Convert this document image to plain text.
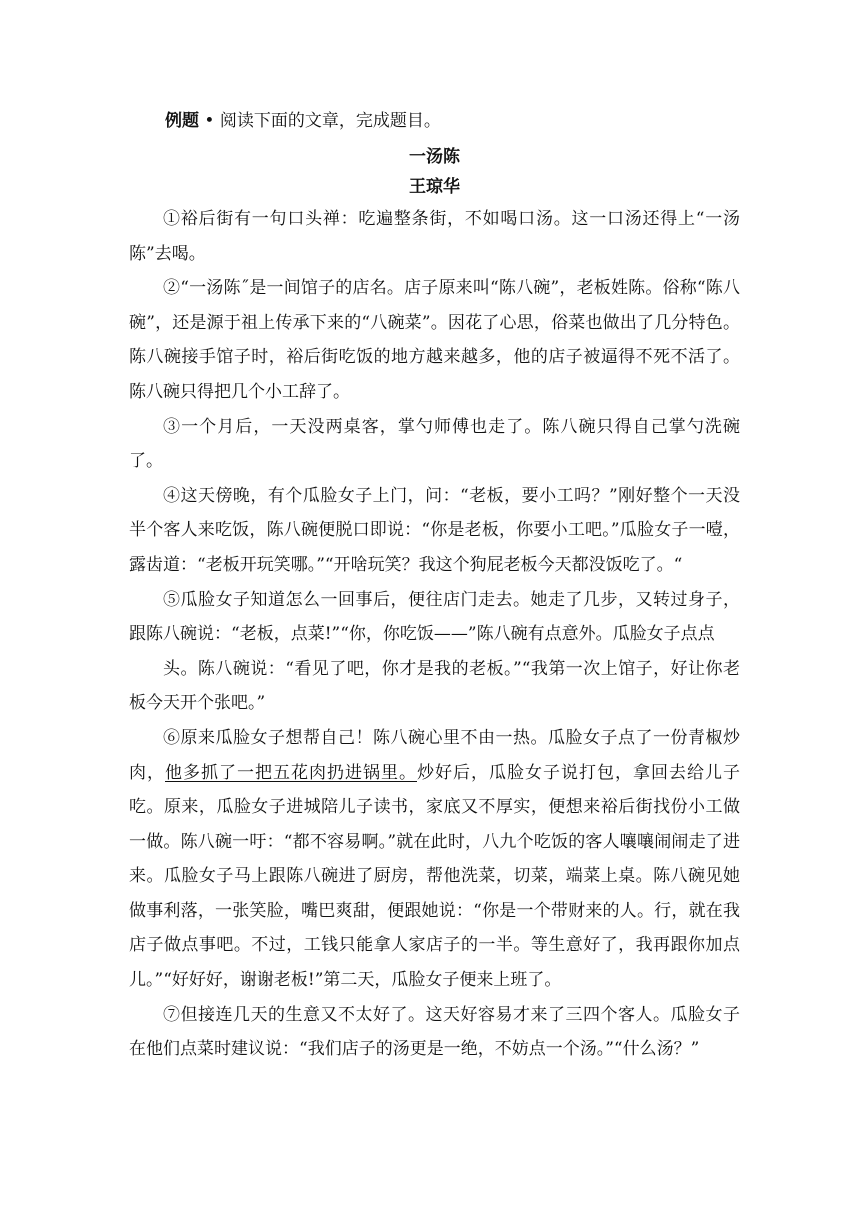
例题 • 阅读下面的文章，完成题目。

一汤陈

王琼华

①裕后街有一句口头禅：吃遍整条街，不如喝口汤。这一口汤还得上“一汤陈”去喝。

②“一汤陈˝是一间馆子的店名。店子原来叫“陈八碗”，老板姓陈。俗称“陈八碗”，还是源于祖上传承下来的“八碗菜”。因花了心思，俗菜也做出了几分特色。陈八碗接手馆子时，裕后街吃饭的地方越来越多，他的店子被逼得不死不活了。陈八碗只得把几个小工辞了。

③一个月后，一天没两桌客，掌勺师傅也走了。陈八碗只得自己掌勺洗碗了。

④这天傍晚，有个瓜脸女子上门，问：“老板，要小工吗？”刚好整个一天没半个客人来吃饭，陈八碗便脱口即说：“你是老板，你要小工吧。”瓜脸女子一噎，露齿道：“老板开玩笑哪。”“开啥玩笑？我这个狗屁老板今天都没饭吃了。“

⑤瓜脸女子知道怎么一回事后，便往店门走去。她走了几步，又转过身子，跟陈八碗说：“老板，点菜!”“你，你吃饭——”陈八碗有点意外。瓜脸女子点点

头。陈八碗说：“看见了吧，你才是我的老板。”“我第一次上馆子，好让你老板今天开个张吧。”

⑥原来瓜脸女子想帮自己！陈八碗心里不由一热。瓜脸女子点了一份青椒炒肉，他多抓了一把五花肉扔进锅里。炒好后，瓜脸女子说打包，拿回去给儿子吃。原来，瓜脸女子进城陪儿子读书，家底又不厚实，便想来裕后街找份小工做一做。陈八碗一吁：“都不容易啊。”就在此时，八九个吃饭的客人嚷嚷闹闹走了进来。瓜脸女子马上跟陈八碗进了厨房，帮他洗菜，切菜，端菜上桌。陈八碗见她做事利落，一张笑脸，嘴巴爽甜，便跟她说：“你是一个带财来的人。行，就在我店子做点事吧。不过，工钱只能拿人家店子的一半。等生意好了，我再跟你加点儿。”“好好好，谢谢老板!”第二天，瓜脸女子便来上班了。

⑦但接连几天的生意又不太好了。这天好容易才来了三四个客人。瓜脸女子在他们点菜时建议说：“我们店子的汤更是一绝，不妨点一个汤。”“什么汤？”
